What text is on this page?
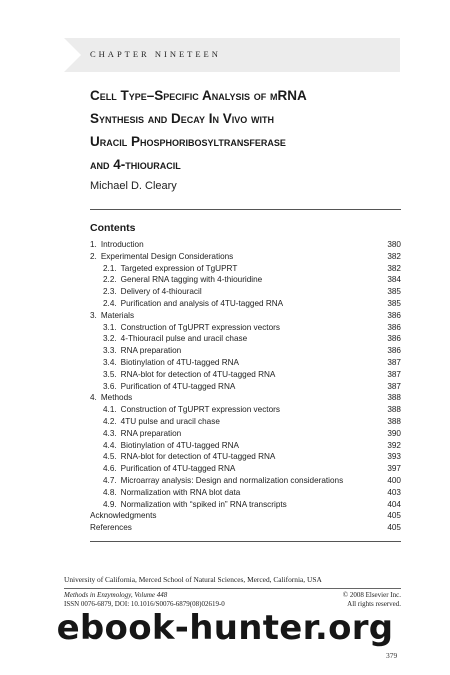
CHAPTER NINETEEN
Cell Type–Specific Analysis of mRNA
Synthesis and Decay In Vivo with
Uracil Phosphoribosyltransferase
and 4-thiouracil
Michael D. Cleary
Contents
1. Introduction	380
2. Experimental Design Considerations	382
2.1. Targeted expression of TgUPRT	382
2.2. General RNA tagging with 4-thiouridine	384
2.3. Delivery of 4-thiouracil	385
2.4. Purification and analysis of 4TU-tagged RNA	385
3. Materials	386
3.1. Construction of TgUPRT expression vectors	386
3.2. 4-Thiouracil pulse and uracil chase	386
3.3. RNA preparation	386
3.4. Biotinylation of 4TU-tagged RNA	387
3.5. RNA-blot for detection of 4TU-tagged RNA	387
3.6. Purification of 4TU-tagged RNA	387
4. Methods	388
4.1. Construction of TgUPRT expression vectors	388
4.2. 4TU pulse and uracil chase	388
4.3. RNA preparation	390
4.4. Biotinylation of 4TU-tagged RNA	392
4.5. RNA-blot for detection of 4TU-tagged RNA	393
4.6. Purification of 4TU-tagged RNA	397
4.7. Microarray analysis: Design and normalization considerations	400
4.8. Normalization with RNA blot data	403
4.9. Normalization with “spiked in” RNA transcripts	404
Acknowledgments	405
References	405
University of California, Merced School of Natural Sciences, Merced, California, USA
Methods in Enzymology, Volume 448	© 2008 Elsevier Inc.
ISSN 0076-6879, DOI: 10.1016/S0076-6879(08)02619-0	All rights reserved.
ebook-hunter.org
379
